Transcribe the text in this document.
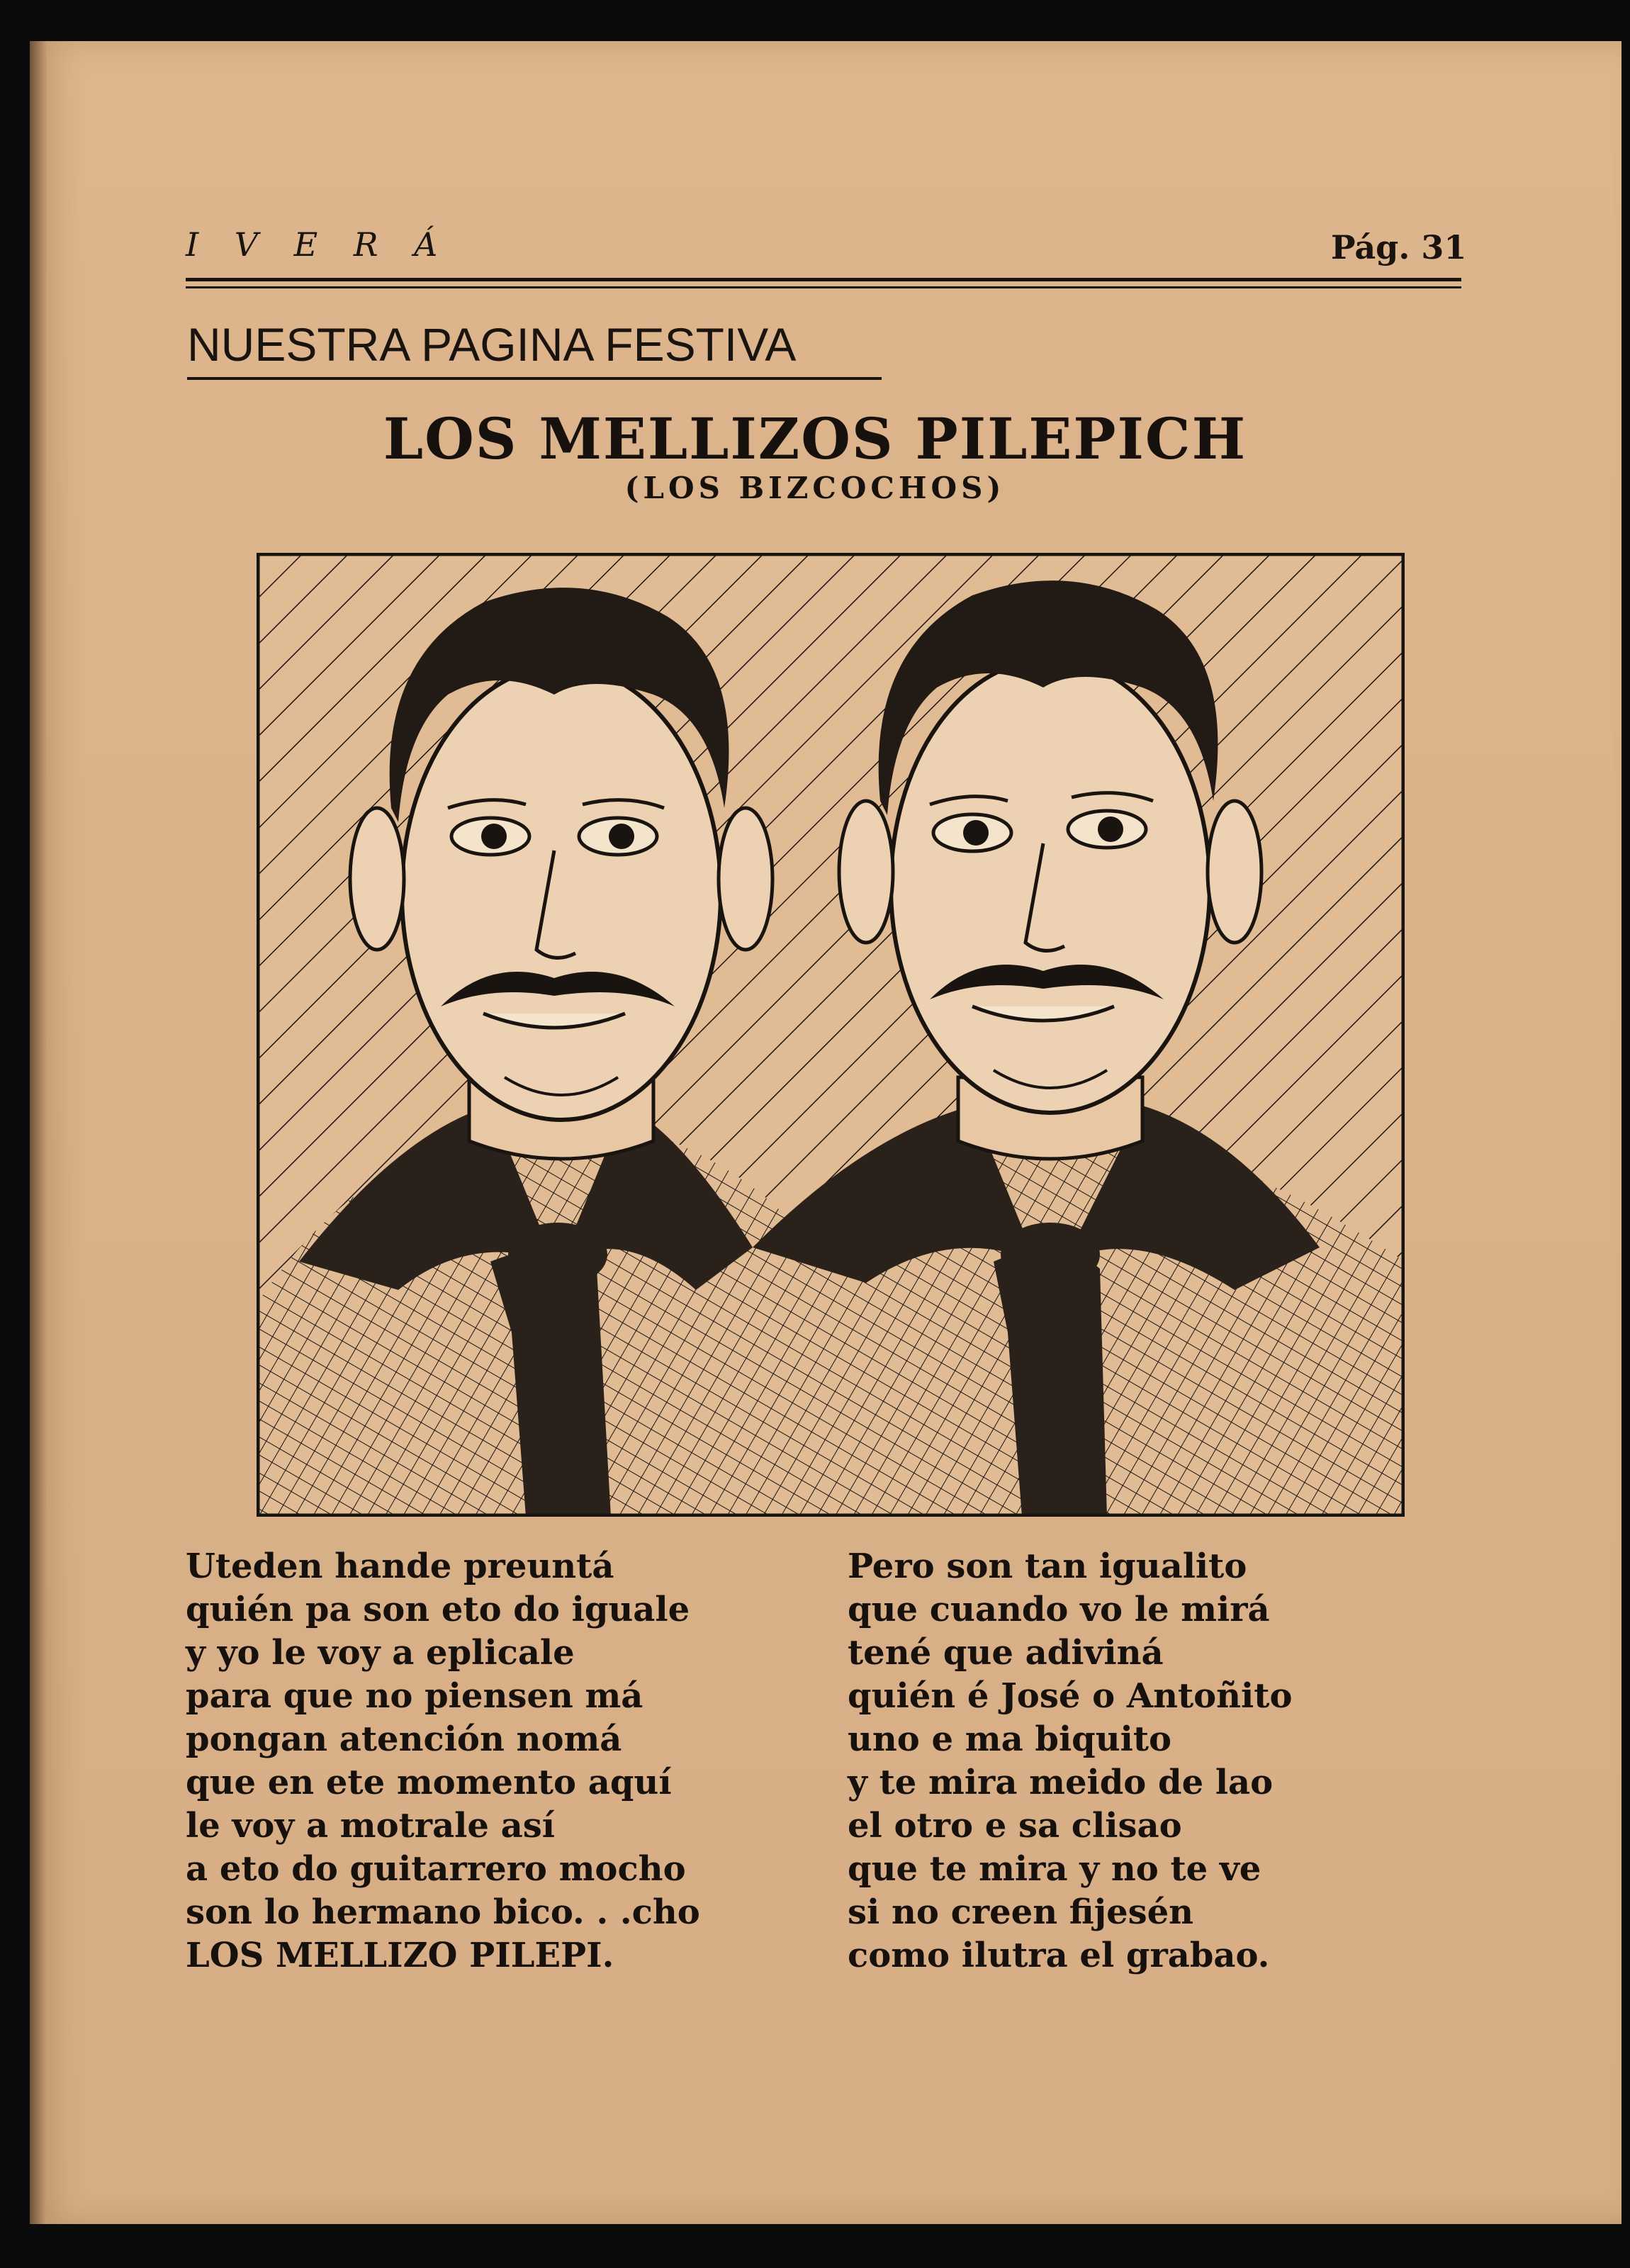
I V E R Á	Pág. 31
NUESTRA PAGINA FESTIVA
LOS MELLIZOS PILEPICH
(LOS BIZCOCHOS)
Uteden hande preuntá
quién pa son eto do iguale
y yo le voy a eplicale
para que no piensen má
pongan atención nomá
que en ete momento aquí
le voy a motrale así
a eto do guitarrero mocho
son lo hermano bico. . .cho
LOS MELLIZO PILEPI.
Pero son tan igualito
que cuando vo le mirá
tené que adiviná
quién é José o Antoñito
uno e ma biquito
y te mira meido de lao
el otro e sa clisao
que te mira y no te ve
si no creen fijesén
como ilutra el grabao.
